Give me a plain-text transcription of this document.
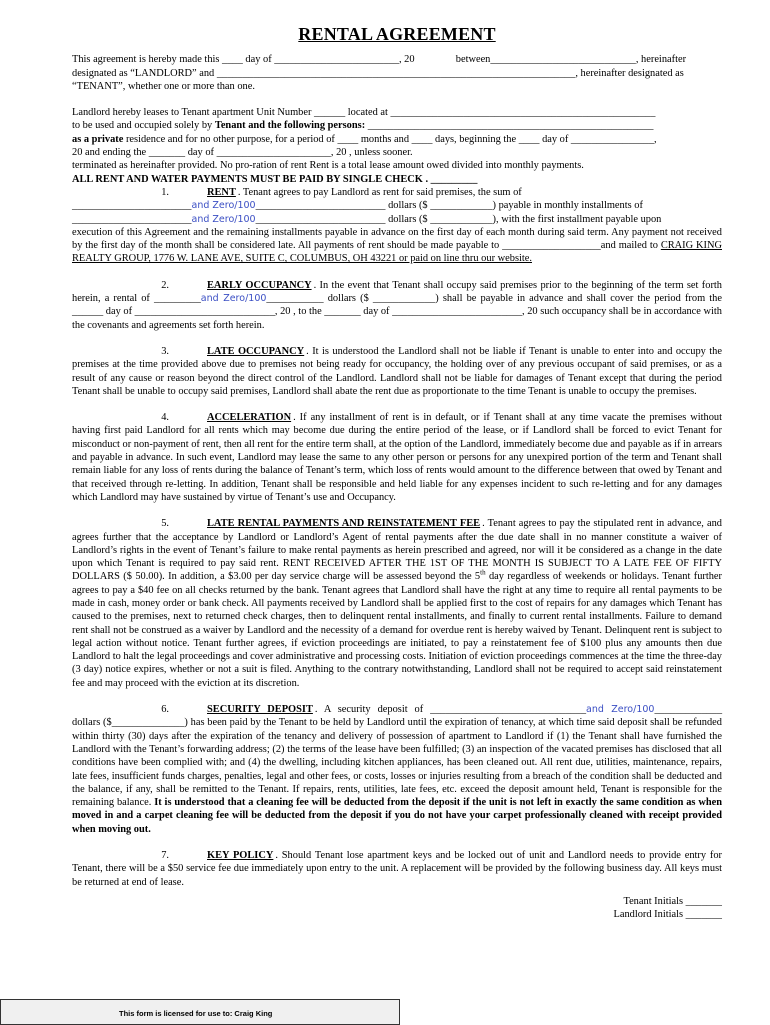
RENTAL AGREEMENT

This agreement is hereby made this ____ day of ________________________, 20	between____________________________, hereinafter
designated as “LANDLORD” and _____________________________________________________________________, hereinafter designated as
“TENANT”, whether one or more than one.

Landlord hereby leases to Tenant apartment Unit Number ______ located at ___________________________________________________
to be used and occupied solely by Tenant and the following persons: _______________________________________________________
as a private residence and for no other purpose, for a period of ____ months and ____ days, beginning the ____ day of ________________,
20 and ending the _______ day of ______________________, 20 , unless sooner.
terminated as hereinafter provided. No pro-ration of rent Rent is a total lease amount owed divided into monthly payments.
ALL RENT AND WATER PAYMENTS MUST BE PAID BY SINGLE CHECK . _________

1.	RENT . Tenant agrees to pay Landlord as rent for said premises, the sum of
_______________________and Zero/100_________________________ dollars ($ ____________) payable in monthly installments of
_______________________and Zero/100_________________________ dollars ($ ____________), with the first installment payable upon
execution of this Agreement and the remaining installments payable in advance on the first day of each month during said term. Any payment not received by the first day of the month shall be considered late. All payments of rent should be made payable to ___________________and mailed to CRAIG KING REALTY GROUP, 1776 W. LANE AVE, SUITE C, COLUMBUS, OH 43221 or paid on line thru our website.

2.	EARLY OCCUPANCY . In the event that Tenant shall occupy said premises prior to the beginning of the term set forth herein, a rental of _________and Zero/100___________ dollars ($ ____________) shall be payable in advance and shall cover the period from the ______ day of ___________________________, 20 , to the _______ day of _________________________, 20 such occupancy shall be in accordance with the covenants and agreements set forth herein.

3.	LATE OCCUPANCY . It is understood the Landlord shall not be liable if Tenant is unable to enter into and occupy the premises at the time provided above due to premises not being ready for occupancy, the holding over of any previous occupant of said premises, or as a result of any cause or reason beyond the direct control of the Landlord. Landlord shall not be liable for damages of Tenant except that during the period Tenant shall be unable to occupy said premises, Landlord shall abate the rent due as proportionate to the time Tenant is unable to occupy the premises.

4.	ACCELERATION . If any installment of rent is in default, or if Tenant shall at any time vacate the premises without having first paid Landlord for all rents which may become due during the entire period of the lease, or if Landlord shall be forced to evict Tenant for misconduct or non-payment of rent, then all rent for the entire term shall, at the option of the Landlord, immediately become due and payable as if in arrears and payable in advance. In such event, Landlord may lease the same to any other person or persons for any unexpired portion of the term and Tenant shall remain liable for any loss of rents during the balance of Tenant’s term, which loss of rents would amount to the difference between that owed by Tenant and that received through re-letting. In addition, Tenant shall be responsible and held liable for any expenses incident to such re-letting and for any damages which Landlord may have sustained by virtue of Tenant’s use and Occupancy.

5.	LATE RENTAL PAYMENTS AND REINSTATEMENT FEE . Tenant agrees to pay the stipulated rent in advance, and agrees further that the acceptance by Landlord or Landlord’s Agent of rental payments after the due date shall in no manner constitute a waiver of Landlord’s rights in the event of Tenant’s failure to make rental payments as herein prescribed and agreed, nor will it be considered as a change in the date upon which Tenant is required to pay said rent. RENT RECEIVED AFTER THE 1ST OF THE MONTH IS SUBJECT TO A LATE FEE OF FIFTY DOLLARS ($ 50.00). In addition, a $3.00 per day service charge will be assessed beyond the 5th day regardless of weekends or holidays. Tenant further agrees to pay a $40 fee on all checks returned by the bank. Tenant agrees that Landlord shall have the right at any time to require all rental payments to be made in cash, money order or bank check. All payments received by Landlord shall be applied first to the cost of repairs for any damages which Tenant has caused to the premises, next to returned check charges, then to delinquent rental installments, and finally to current rental installments. Failure to demand rent shall not be construed as a waiver by Landlord and the necessity of a demand for overdue rent is hereby waived by Tenant. Delinquent rent is subject to legal action without notice. Tenant further agrees, if eviction proceedings are initiated, to pay a reinstatement fee of $100 plus any amounts then due Landlord to halt the legal proceedings and cover administrative and processing costs. Initiation of eviction proceedings commences at the time the three-day (3 day) notice expires, whether or not a suit is filed. Anything to the contrary notwithstanding, Landlord shall not be required to accept said reinstatement fee and may proceed with the eviction at its discretion.

6.	SECURITY DEPOSIT . A security deposit of ______________________________and Zero/100_____________ dollars ($______________) has been paid by the Tenant to be held by Landlord until the expiration of tenancy, at which time said deposit shall be refunded within thirty (30) days after the expiration of the tenancy and delivery of possession of apartment to Landlord if (1) the Tenant shall have furnished the Landlord with the Tenant’s forwarding address; (2) the terms of the lease have been fulfilled; (3) an inspection of the vacated premises has disclosed that all conditions have been complied with; and (4) the dwelling, including kitchen appliances, has been cleaned out. All rent due, utilities, maintenance, repairs, late fees, insufficient funds charges, penalties, legal and other fees, or costs, losses or injuries resulting from a breach of the condition shall be deducted and the balance, if any, shall be remitted to the Tenant. If repairs, rents, utilities, late fees, etc. exceed the deposit amount held, Tenant is responsible for the remaining balance. It is understood that a cleaning fee will be deducted from the deposit if the unit is not left in exactly the same condition as when moved in and a carpet cleaning fee will be deducted from the deposit if you do not have your carpet professionally cleaned with receipt provided when moving out.

7.	KEY POLICY . Should Tenant lose apartment keys and be locked out of unit and Landlord needs to provide entry for Tenant, there will be a $50 service fee due immediately upon entry to the unit. A replacement will be provided by the following business day. All keys must be returned at end of lease.

Tenant Initials _______
Landlord Initials _______
This form is licensed for use to: Craig King
